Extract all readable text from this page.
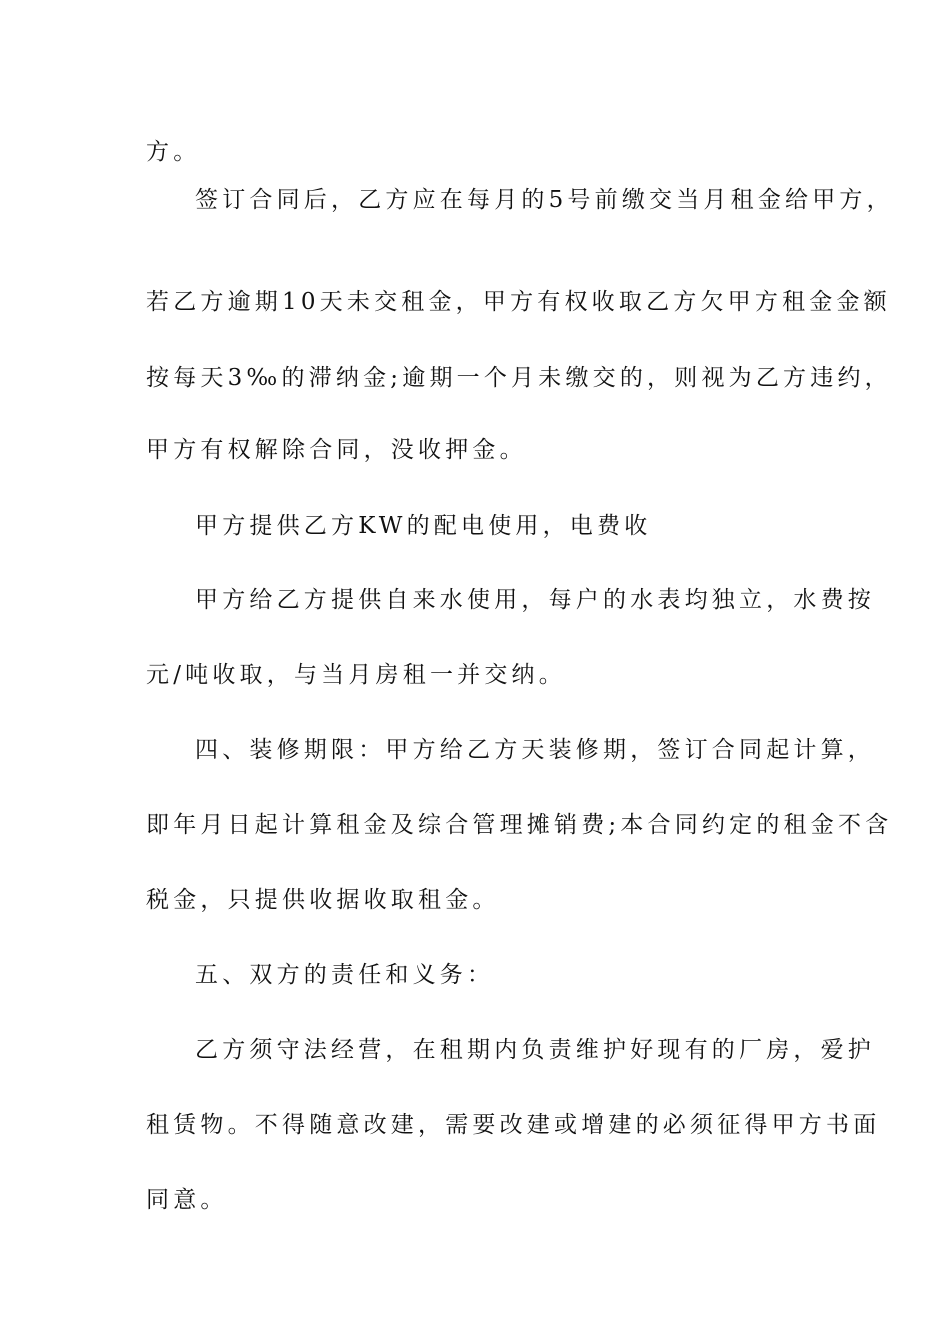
方。
签订合同后，乙方应在每月的5号前缴交当月租金给甲方，
若乙方逾期10天未交租金，甲方有权收取乙方欠甲方租金金额
按每天3‰的滞纳金;逾期一个月未缴交的，则视为乙方违约，
甲方有权解除合同，没收押金。
甲方提供乙方KW的配电使用，电费收
甲方给乙方提供自来水使用，每户的水表均独立，水费按
元/吨收取，与当月房租一并交纳。
四、装修期限：甲方给乙方天装修期，签订合同起计算，
即年月日起计算租金及综合管理摊销费;本合同约定的租金不含
税金，只提供收据收取租金。
五、双方的责任和义务：
乙方须守法经营，在租期内负责维护好现有的厂房，爱护
租赁物。不得随意改建，需要改建或增建的必须征得甲方书面
同意。
